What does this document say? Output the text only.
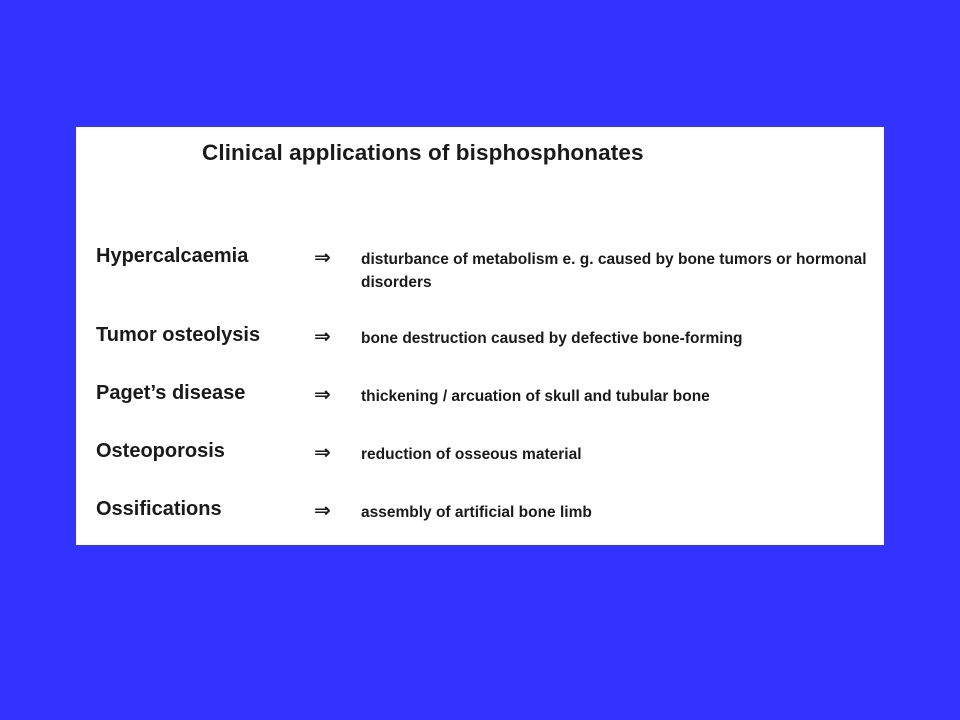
Clinical applications of bisphosphonates
Hypercalcaemia	⇒ disturbance of metabolism e. g. caused by bone tumors or hormonal disorders
Tumor osteolysis	⇒ bone destruction caused by defective bone-forming
Paget’s disease	⇒ thickening / arcuation of skull and tubular bone
Osteoporosis	⇒ reduction of osseous material
Ossifications	⇒ assembly of artificial bone limb
